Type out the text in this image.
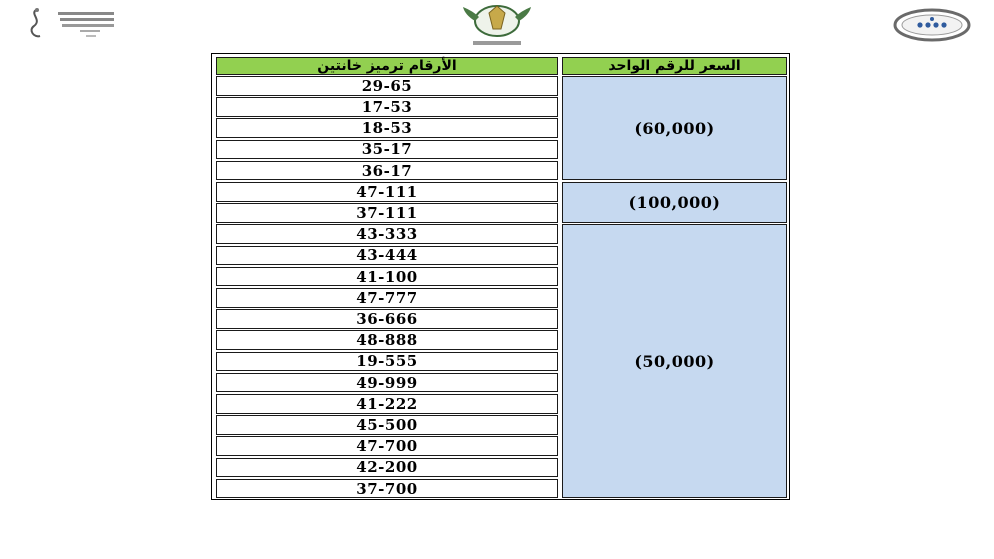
الأرقام ترميز خانتين	السعر للرقم الواحد
29-65
17-53
18-53
35-17
36-17
(60,000)
47-111
37-111
(100,000)
43-333
43-444
41-100
47-777
36-666
48-888
19-555
49-999
41-222
45-500
47-700
42-200
37-700
(50,000)
